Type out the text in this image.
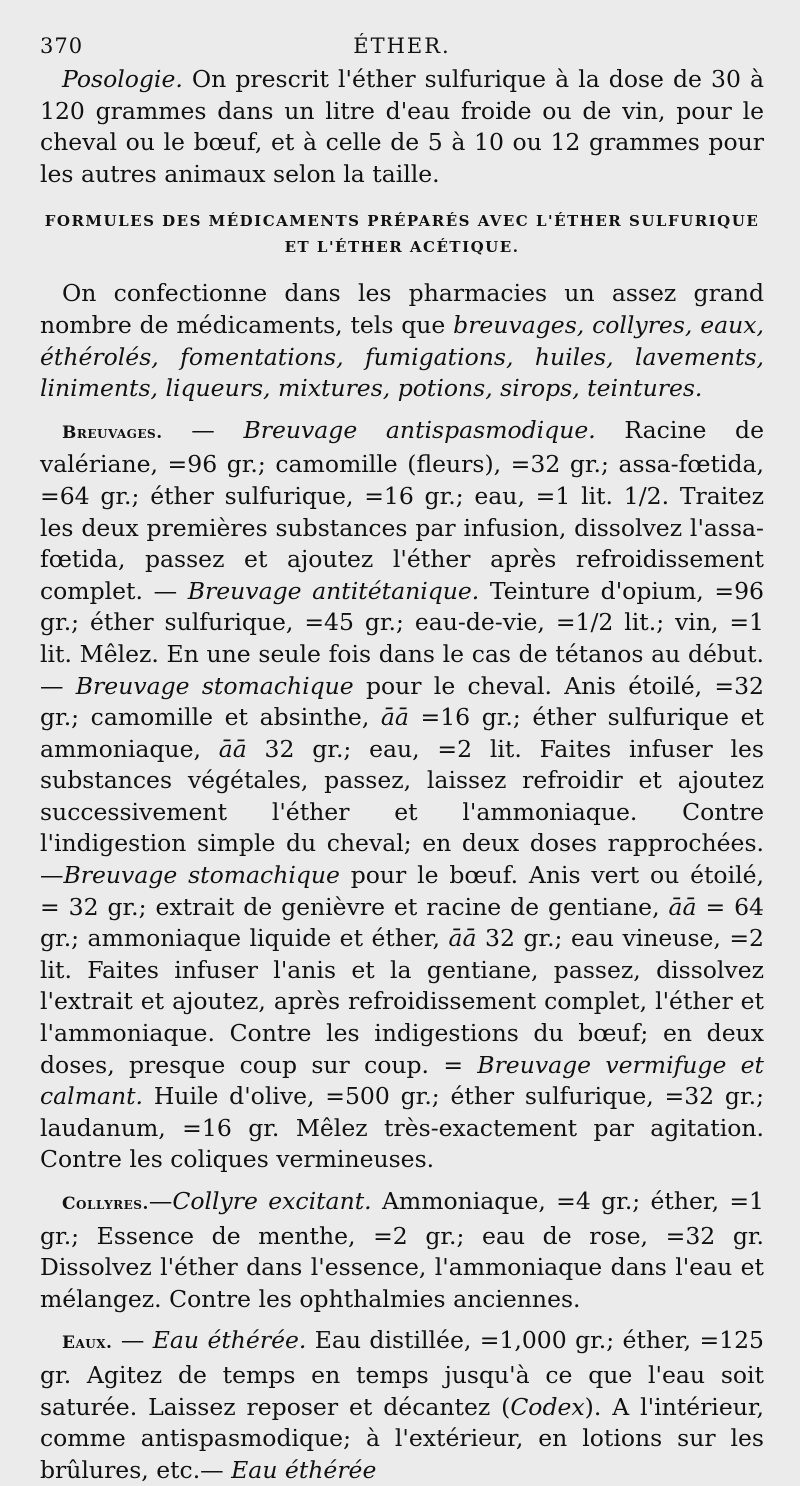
370	ÉTHER.

Posologie. On prescrit l'éther sulfurique à la dose de 30 à 120 grammes dans un litre d'eau froide ou de vin, pour le cheval ou le bœuf, et à celle de 5 à 10 ou 12 grammes pour les autres animaux selon la taille.

FORMULES DES MÉDICAMENTS PRÉPARÉS AVEC L'ÉTHER SULFURIQUE
ET L'ÉTHER ACÉTIQUE.

On confectionne dans les pharmacies un assez grand nombre de médicaments, tels que breuvages, collyres, eaux, éthérolés, fomentations, fumigations, huiles, lavements, liniments, liqueurs, mixtures, potions, sirops, teintures.

Breuvages. — Breuvage antispasmodique. Racine de valériane, =96 gr.; camomille (fleurs), =32 gr.; assa-fœtida, =64 gr.; éther sulfurique, =16 gr.; eau, =1 lit. 1/2. Traitez les deux premières substances par infusion, dissolvez l'assa-fœtida, passez et ajoutez l'éther après refroidissement complet. — Breuvage antitétanique. Teinture d'opium, =96 gr.; éther sulfurique, =45 gr.; eau-de-vie, =1/2 lit.; vin, =1 lit. Mêlez. En une seule fois dans le cas de tétanos au début.— Breuvage stomachique pour le cheval. Anis étoilé, =32 gr.; camomille et absinthe, āā =16 gr.; éther sulfurique et ammoniaque, āā 32 gr.; eau, =2 lit. Faites infuser les substances végétales, passez, laissez refroidir et ajoutez successivement l'éther et l'ammoniaque. Contre l'indigestion simple du cheval; en deux doses rapprochées. —Breuvage stomachique pour le bœuf. Anis vert ou étoilé, = 32 gr.; extrait de genièvre et racine de gentiane, āā = 64 gr.; ammoniaque liquide et éther, āā 32 gr.; eau vineuse, =2 lit. Faites infuser l'anis et la gentiane, passez, dissolvez l'extrait et ajoutez, après refroidissement complet, l'éther et l'ammoniaque. Contre les indigestions du bœuf; en deux doses, presque coup sur coup. = Breuvage vermifuge et calmant. Huile d'olive, =500 gr.; éther sulfurique, =32 gr.; laudanum, =16 gr. Mêlez très-exactement par agitation. Contre les coliques vermineuses.

Collyres.—Collyre excitant. Ammoniaque, =4 gr.; éther, =1 gr.; Essence de menthe, =2 gr.; eau de rose, =32 gr. Dissolvez l'éther dans l'essence, l'ammoniaque dans l'eau et mélangez. Contre les ophthalmies anciennes.

Eaux. — Eau éthérée. Eau distillée, =1,000 gr.; éther, =125 gr. Agitez de temps en temps jusqu'à ce que l'eau soit saturée. Laissez reposer et décantez (Codex). A l'intérieur, comme antispasmodique; à l'extérieur, en lotions sur les brûlures, etc.— Eau éthérée
